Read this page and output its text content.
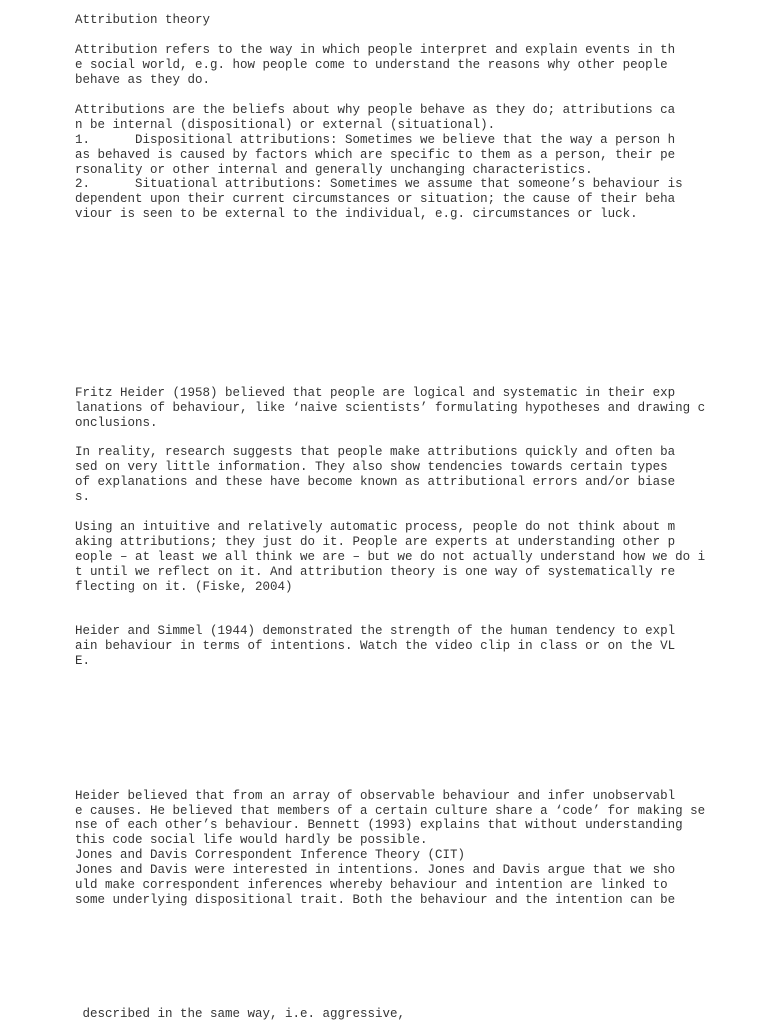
Attribution theory
Attribution refers to the way in which people interpret and explain events in th
e social world, e.g. how people come to understand the reasons why other people
behave as they do.
Attributions are the beliefs about why people behave as they do; attributions ca
n be internal (dispositional) or external (situational).
1.      Dispositional attributions: Sometimes we believe that the way a person h
as behaved is caused by factors which are specific to them as a person, their pe
rsonality or other internal and generally unchanging characteristics.
2.      Situational attributions: Sometimes we assume that someone’s behaviour is
dependent upon their current circumstances or situation; the cause of their beha
viour is seen to be external to the individual, e.g. circumstances or luck.
Fritz Heider (1958) believed that people are logical and systematic in their exp
lanations of behaviour, like ‘naive scientists’ formulating hypotheses and drawing c
onclusions.
In reality, research suggests that people make attributions quickly and often ba
sed on very little information. They also show tendencies towards certain types
of explanations and these have become known as attributional errors and/or biase
s.
Using an intuitive and relatively automatic process, people do not think about m
aking attributions; they just do it. People are experts at understanding other p
eople – at least we all think we are – but we do not actually understand how we do i
t until we reflect on it. And attribution theory is one way of systematically re
flecting on it. (Fiske, 2004)
Heider and Simmel (1944) demonstrated the strength of the human tendency to expl
ain behaviour in terms of intentions. Watch the video clip in class or on the VL
E.
Heider believed that from an array of observable behaviour and infer unobservabl
e causes. He believed that members of a certain culture share a ‘code’ for making se
nse of each other’s behaviour. Bennett (1993) explains that without understanding
this code social life would hardly be possible.
Jones and Davis Correspondent Inference Theory (CIT)
Jones and Davis were interested in intentions. Jones and Davis argue that we sho
uld make correspondent inferences whereby behaviour and intention are linked to
some underlying dispositional trait. Both the behaviour and the intention can be
described in the same way, i.e. aggressive,
